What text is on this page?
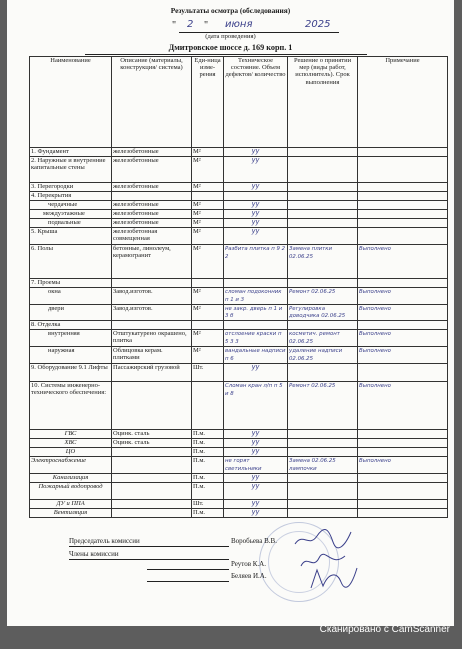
Результаты осмотра (обследования)
" 2 " июня	2025
(дата проведения)
Дмитровское шоссе д. 169 корп. 1
Наименование	Описание (материалы, конструкция/ система)	Еди-ница изме-рения	Техническое состояние. Объем дефектов/ количество	Решение о принятии мер (виды работ, исполнитель). Срок выполнения	Примечание
1. Фундамент	железобетонные	М²	уу		

2. Наружные и внутренние капитальные стены	железобетонные	М²	уу		

3. Перегородки	железобетонные	М²	уу		

4. Перекрытия			

чердачные	железобетонные	М²	уу		

междуэтажные	железобетонные	М²	уу		

подвальные	железобетонные	М²	уу		

5. Крыша	железобетонная совмещенная	М²	уу		

6. Полы	бетонные, линолеум, керамогранит	М²	Разбита плитка п 9 2 2	Замена плитки 02.06.25	Выполнено
7. Проемы			

окна	Завод.изготов.	М²	сломан подоконник п 1 и 3	Ремонт 02.06.25	Выполнено
двери	Завод.изготов.	М²	не закр. дверь п 1 и 3 б	Регулировка доводчика 02.06.25	Выполнено
8. Отделка			

внутренняя	Отштукатурено окрашено, плитка	М²	отслоение краски п 5 3 3	косметич. ремонт 02.06.25	Выполнено
наружная	Облицовка керам. плитками	М²	вандальные надписи п 6	удаление надписи 02.06.25	Выполнено
9. Оборудование 9.1 Лифты	Пассажирский грузовой	Шт.	уу		

10. Системы инженерно-технического обеспечения:			Сломан кран л/п п 5 и 8	Ремонт 02.06.25	Выполнено
ГВС	Оцинк. сталь	П.м.	уу		

ХВС	Оцинк. сталь	П.м.	уу		

ЦО		П.м.	уу		

Электроснабжение		П.м.	не горят светильники	Замена 02.06.25 лампочки	Выполнено
Канализация		П.м.	уу		

Пожарный водопровод		П.м.	уу		

ДУ и ППА		Шт.	уу		

Вентиляция		П.м.	уу		

Председатель комиссии	Воробьева В.В.
Члены комиссии
Реутов К.А.
Беляев И.А.
Сканировано с CamScanner
